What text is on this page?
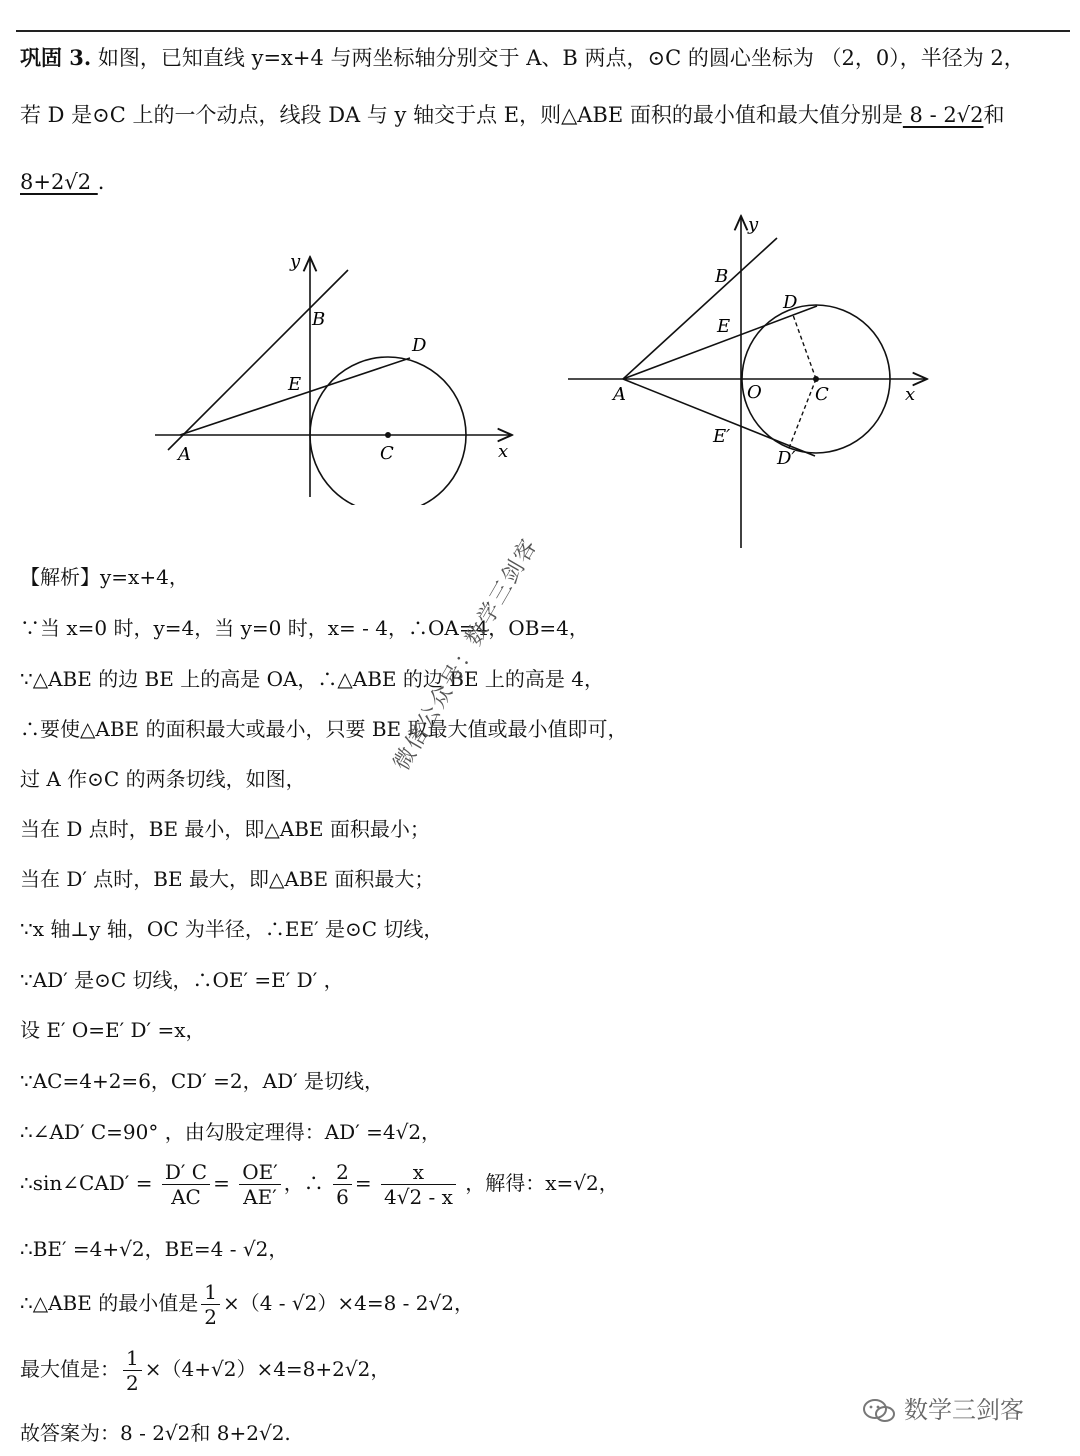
巩固 3. 如图，已知直线 y=x+4 与两坐标轴分别交于 A、B 两点，⊙C 的圆心坐标为 （2，0），半径为 2，
若 D 是⊙C 上的一个动点，线段 DA 与 y 轴交于点 E，则△ABE 面积的最小值和最大值分别是 8 - 2√2和
8+2√2 .
y
B
D
E
A	C	x
y
B
D
E
A	O	C	x
E′
D′
【解析】y=x+4，
∵当 x=0 时，y=4，当 y=0 时，x= - 4，∴OA=4，OB=4，
∵△ABE 的边 BE 上的高是 OA，∴△ABE 的边 BE 上的高是 4，
∴要使△ABE 的面积最大或最小，只要 BE 取最大值或最小值即可，
过 A 作⊙C 的两条切线，如图，
当在 D 点时，BE 最小，即△ABE 面积最小；
当在 D′ 点时，BE 最大，即△ABE 面积最大；
∵x 轴⊥y 轴，OC 为半径，∴EE′ 是⊙C 切线，
∵AD′ 是⊙C 切线，∴OE′ =E′ D′ ，
设 E′ O=E′ D′ =x，
∵AC=4+2=6，CD′ =2，AD′ 是切线，
∴∠AD′ C=90° ，由勾股定理得：AD′ =4√2，
∴sin∠CAD′ = $\frac{D' C}{AC} = \frac{OE'}{AE'}$ ，∴ $\frac{2}{6} = \frac{x}{4√2 - x}$ ，解得：x=√2，
∴BE′ =4+√2，BE=4 - √2，
∴△ABE 的最小值是 $\frac{1}{2} \times(4 - √2)\times 4=8 - 2√2$，
最大值是： $\frac{1}{2} \times(4+√2)\times 4=8+2√2$，
故答案为：8 - 2√2和 8+2√2.
微信公众号：数学三剑客
数学三剑客
